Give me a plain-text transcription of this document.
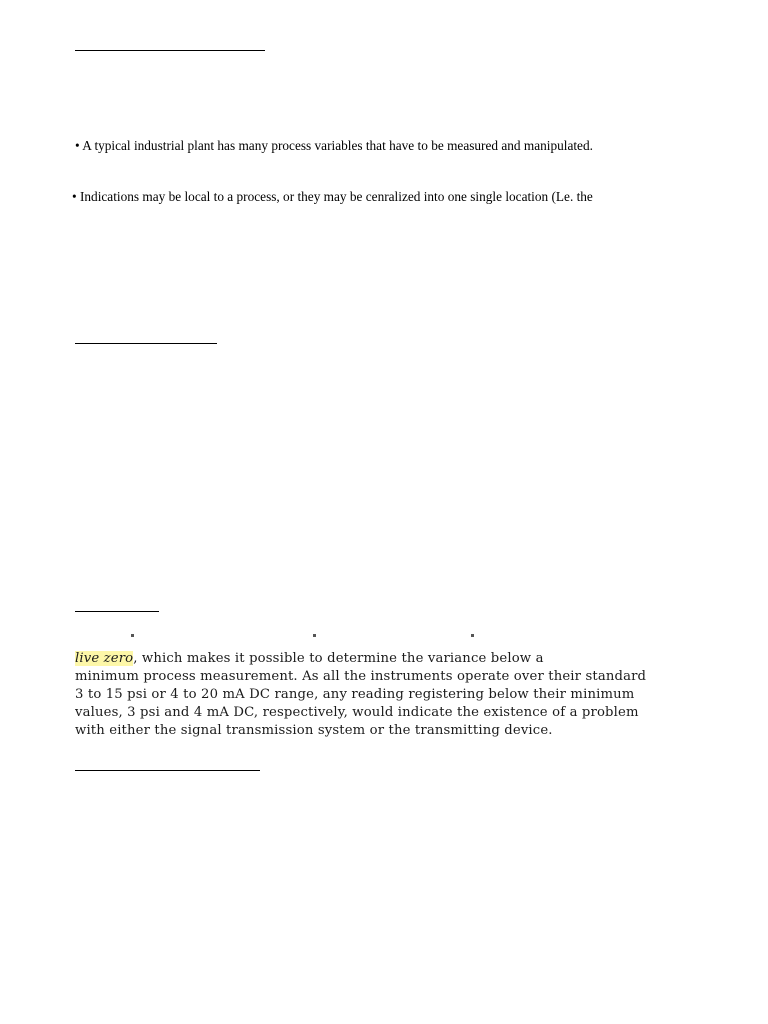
• A typical industrial plant has many process variables that have to be measured and manipulated.
• Indications may be local to a process, or they may be cenralized into one single location (Le. the
live zero, which makes it possible to determine the variance below a
minimum process measurement. As all the instruments operate over their standard
3 to 15 psi or 4 to 20 mA DC range, any reading registering below their minimum
values, 3 psi and 4 mA DC, respectively, would indicate the existence of a problem
with either the signal transmission system or the transmitting device.
